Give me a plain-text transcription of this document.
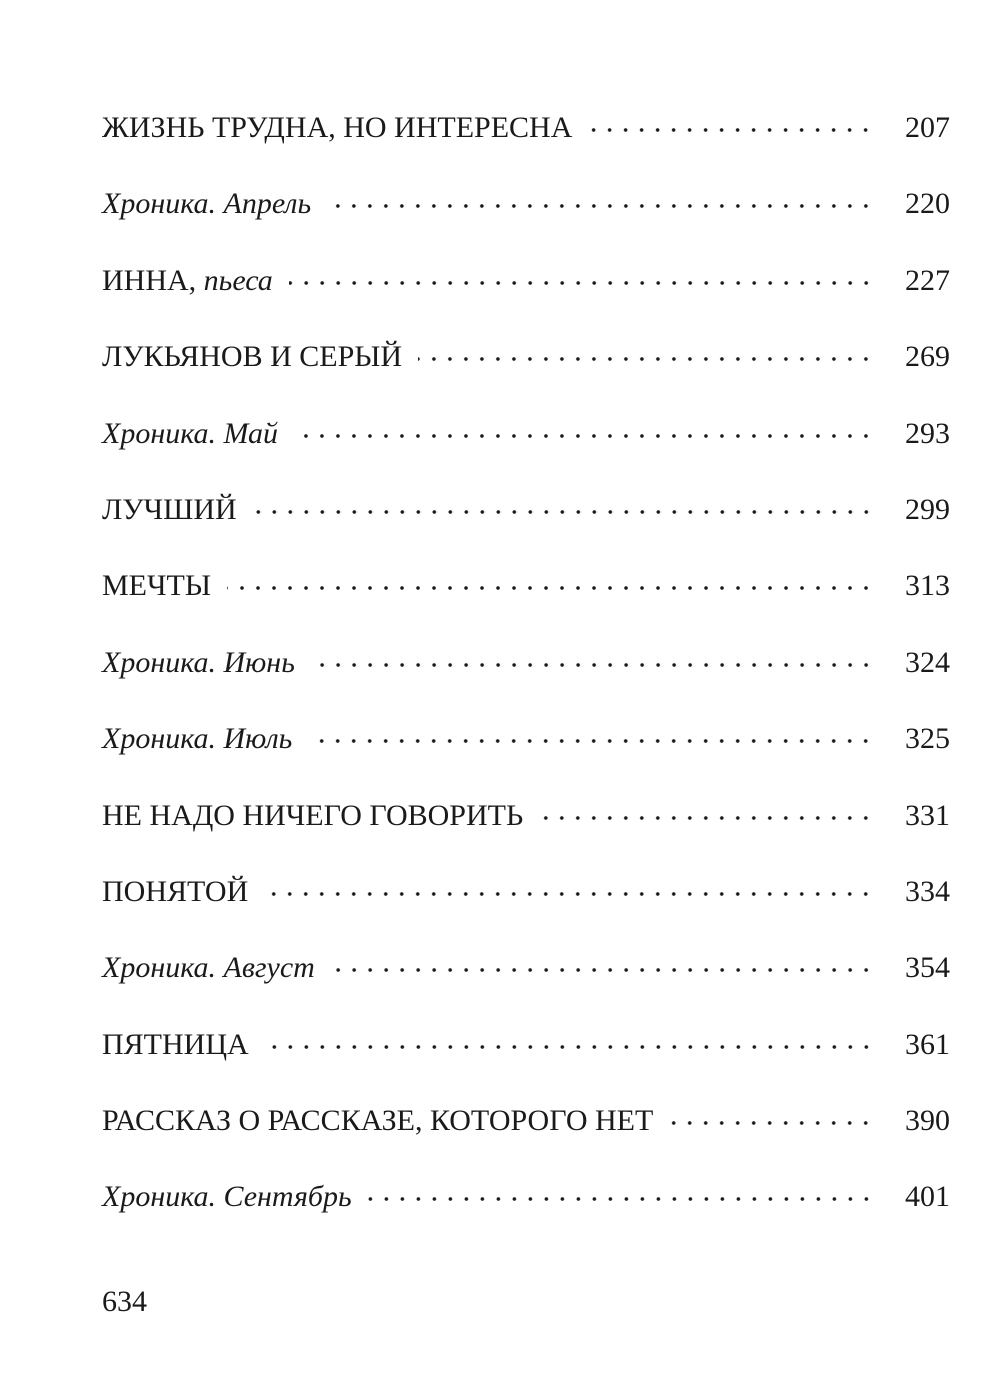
ЖИЗНЬ ТРУДНА, НО ИНТЕРЕСНА	207
Хроника. Апрель	220
ИННА, пьеса	227
ЛУКЬЯНОВ И СЕРЫЙ	269
Хроника. Май	293
ЛУЧШИЙ	299
МЕЧТЫ	313
Хроника. Июнь	324
Хроника. Июль	325
НЕ НАДО НИЧЕГО ГОВОРИТЬ	331
ПОНЯТОЙ	334
Хроника. Август	354
ПЯТНИЦА	361
РАССКАЗ О РАССКАЗЕ, КОТОРОГО НЕТ	390
Хроника. Сентябрь	401
634
